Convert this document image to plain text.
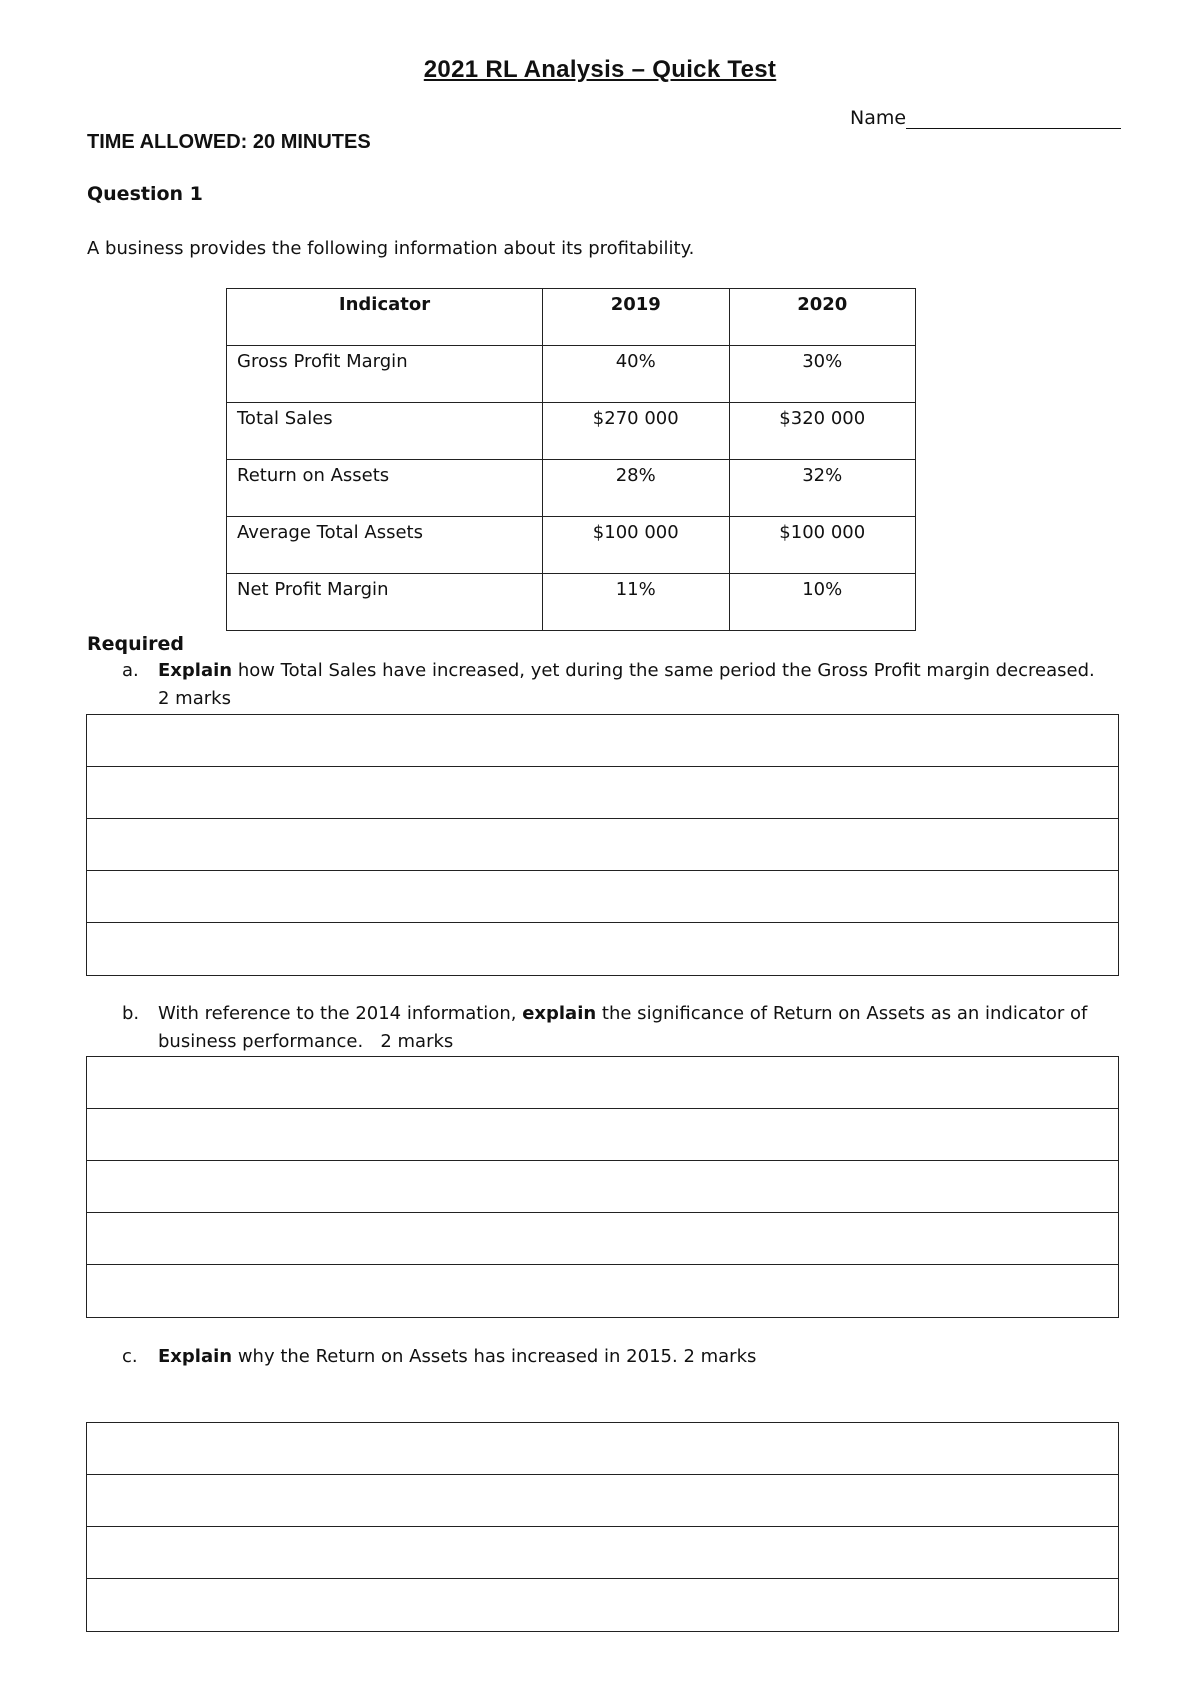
2021 RL Analysis – Quick Test
Name
TIME ALLOWED: 20 MINUTES
Question 1
A business provides the following information about its profitability.
Indicator	2019	2020
Gross Profit Margin	40%	30%
Total Sales	$270 000	$320 000
Return on Assets	28%	32%
Average Total Assets	$100 000	$100 000
Net Profit Margin	11%	10%
Required
a.	Explain how Total Sales have increased, yet during the same period the Gross Profit margin decreased.
2 marks
b.	With reference to the 2014 information, explain the significance of Return on Assets as an indicator of business performance. 2 marks
c.	Explain why the Return on Assets has increased in 2015. 2 marks
